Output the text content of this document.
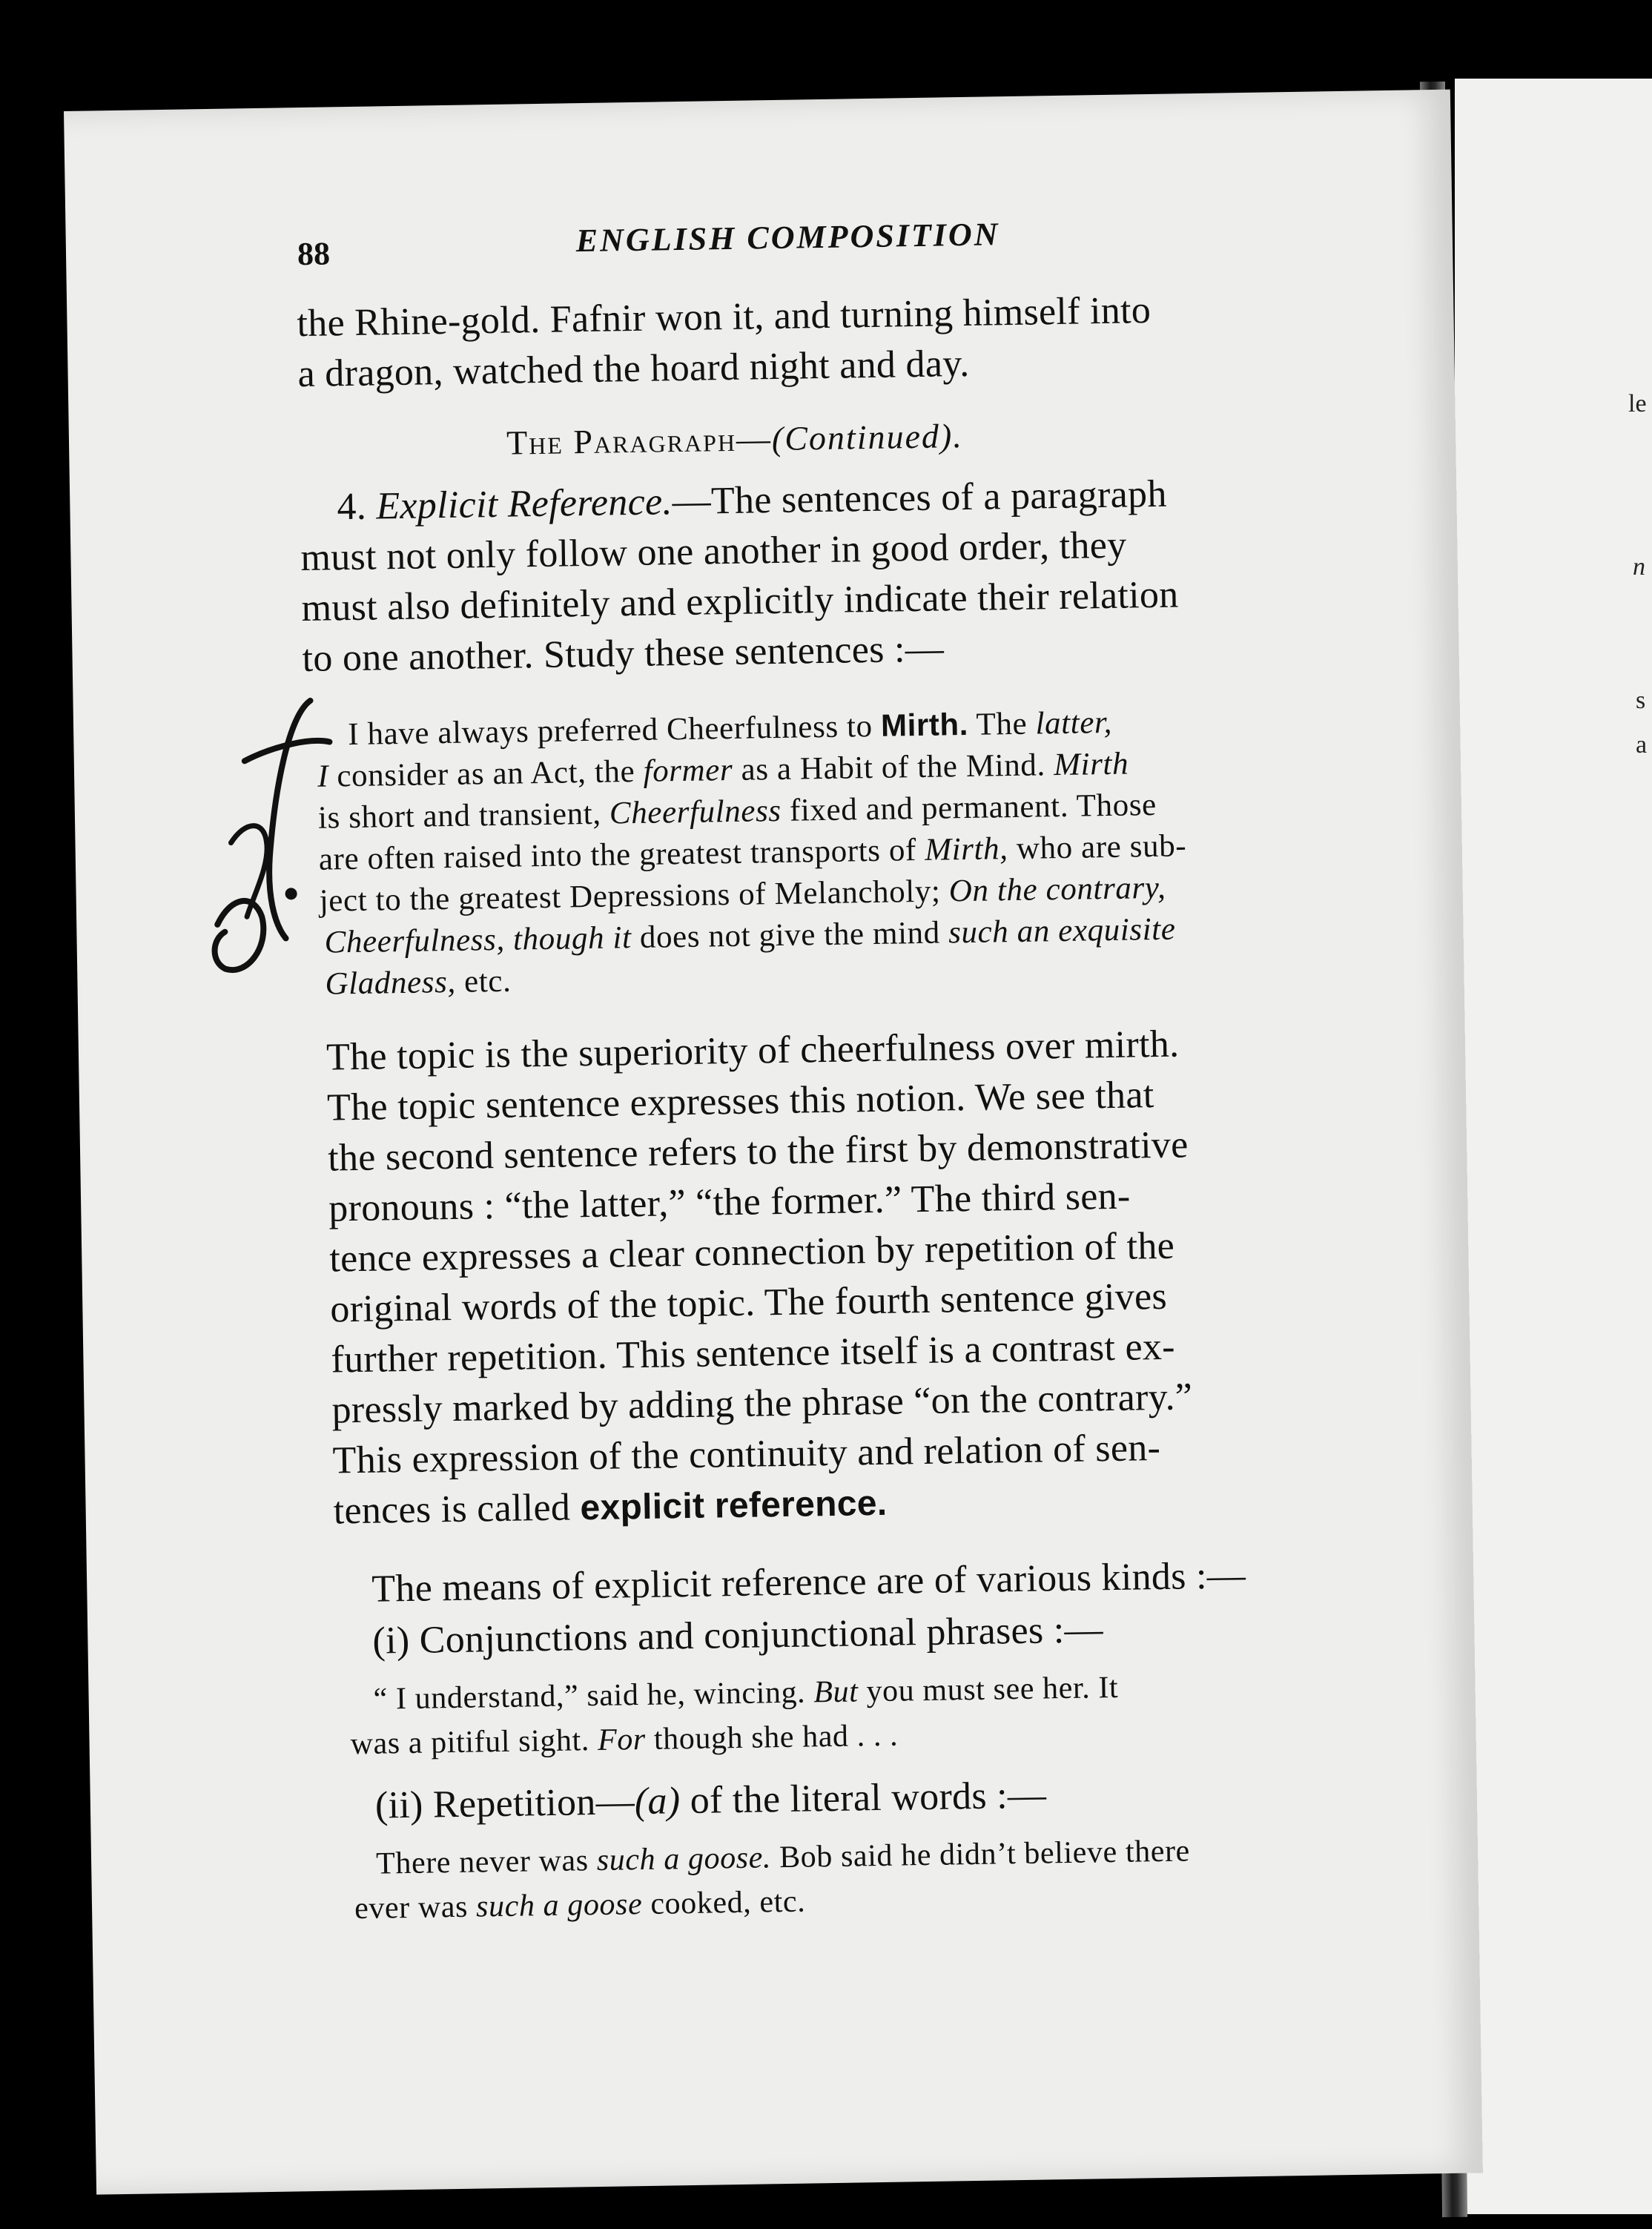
le
n
s
a
88	ENGLISH COMPOSITION
the Rhine-gold. Fafnir won it, and turning himself into
a dragon, watched the hoard night and day.
The Paragraph—(Continued).
4. Explicit Reference.—The sentences of a paragraph
must not only follow one another in good order, they
must also definitely and explicitly indicate their relation
to one another. Study these sentences :—
I have always preferred Cheerfulness to Mirth. The latter,
I consider as an Act, the former as a Habit of the Mind. Mirth
is short and transient, Cheerfulness fixed and permanent. Those
are often raised into the greatest transports of Mirth, who are sub-
ject to the greatest Depressions of Melancholy; On the contrary,
Cheerfulness, though it does not give the mind such an exquisite
Gladness, etc.
The topic is the superiority of cheerfulness over mirth.
The topic sentence expresses this notion. We see that
the second sentence refers to the first by demonstrative
pronouns : “the latter,” “the former.” The third sen-
tence expresses a clear connection by repetition of the
original words of the topic. The fourth sentence gives
further repetition. This sentence itself is a contrast ex-
pressly marked by adding the phrase “on the contrary.”
This expression of the continuity and relation of sen-
tences is called explicit reference.
The means of explicit reference are of various kinds :—
(i) Conjunctions and conjunctional phrases :—
“ I understand,” said he, wincing. But you must see her. It
was a pitiful sight. For though she had . . .
(ii) Repetition—(a) of the literal words :—
There never was such a goose. Bob said he didn’t believe there
ever was such a goose cooked, etc.
